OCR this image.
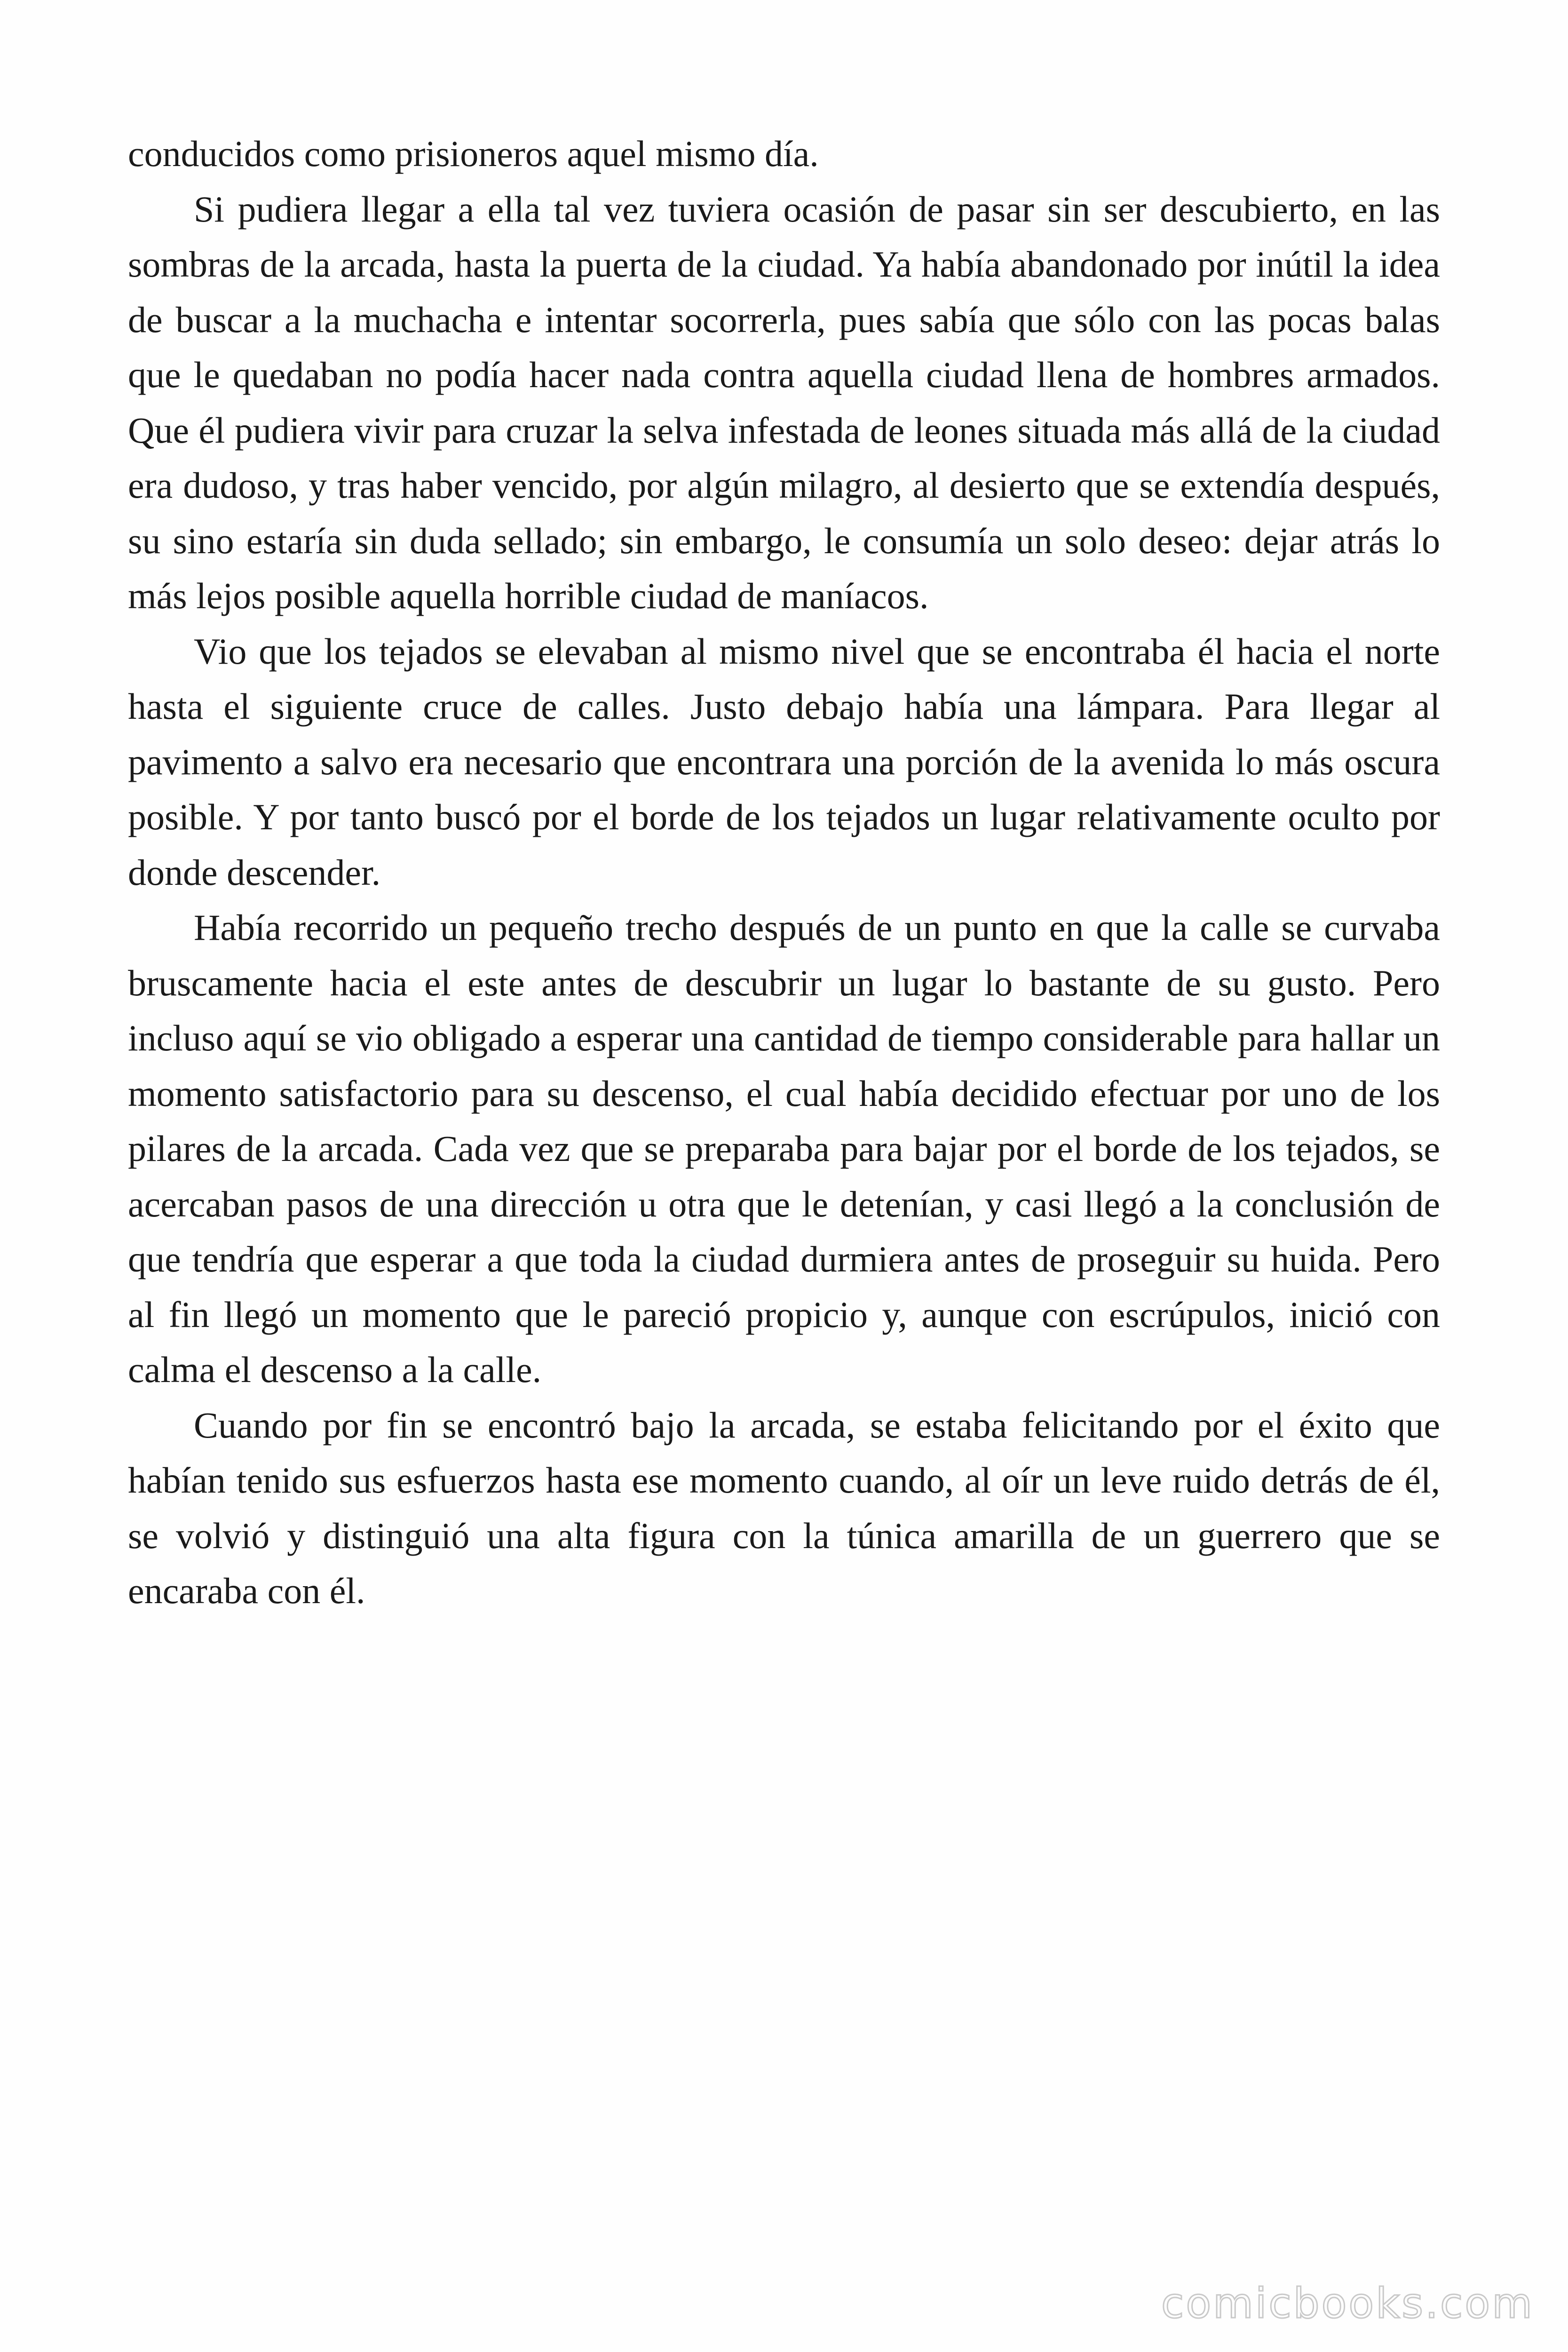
conducidos como prisioneros aquel mismo día.

Si pudiera llegar a ella tal vez tuviera ocasión de pasar sin ser descubierto, en las sombras de la arcada, hasta la puerta de la ciudad. Ya había abandonado por inútil la idea de buscar a la muchacha e intentar socorrerla, pues sabía que sólo con las pocas balas que le quedaban no podía hacer nada contra aquella ciudad llena de hombres armados. Que él pudiera vivir para cruzar la selva infestada de leones situada más allá de la ciudad era dudoso, y tras haber vencido, por algún milagro, al desierto que se extendía después, su sino estaría sin duda sellado; sin embargo, le consumía un solo deseo: dejar atrás lo más lejos posible aquella horrible ciudad de maníacos.

Vio que los tejados se elevaban al mismo nivel que se encontraba él hacia el norte hasta el siguiente cruce de calles. Justo debajo había una lámpara. Para llegar al pavimento a salvo era necesario que encontrara una porción de la avenida lo más oscura posible. Y por tanto buscó por el borde de los tejados un lugar relativamente oculto por donde descender.

Había recorrido un pequeño trecho después de un punto en que la calle se curvaba bruscamente hacia el este antes de descubrir un lugar lo bastante de su gusto. Pero incluso aquí se vio obligado a esperar una cantidad de tiempo considerable para hallar un momento satisfactorio para su descenso, el cual había decidido efectuar por uno de los pilares de la arcada. Cada vez que se preparaba para bajar por el borde de los tejados, se acercaban pasos de una dirección u otra que le detenían, y casi llegó a la conclusión de que tendría que esperar a que toda la ciudad durmiera antes de proseguir su huida. Pero al fin llegó un momento que le pareció propicio y, aunque con escrúpulos, inició con calma el descenso a la calle.

Cuando por fin se encontró bajo la arcada, se estaba felicitando por el éxito que habían tenido sus esfuerzos hasta ese momento cuando, al oír un leve ruido detrás de él, se volvió y distinguió una alta figura con la túnica amarilla de un guerrero que se encaraba con él.

comicbooks.com
